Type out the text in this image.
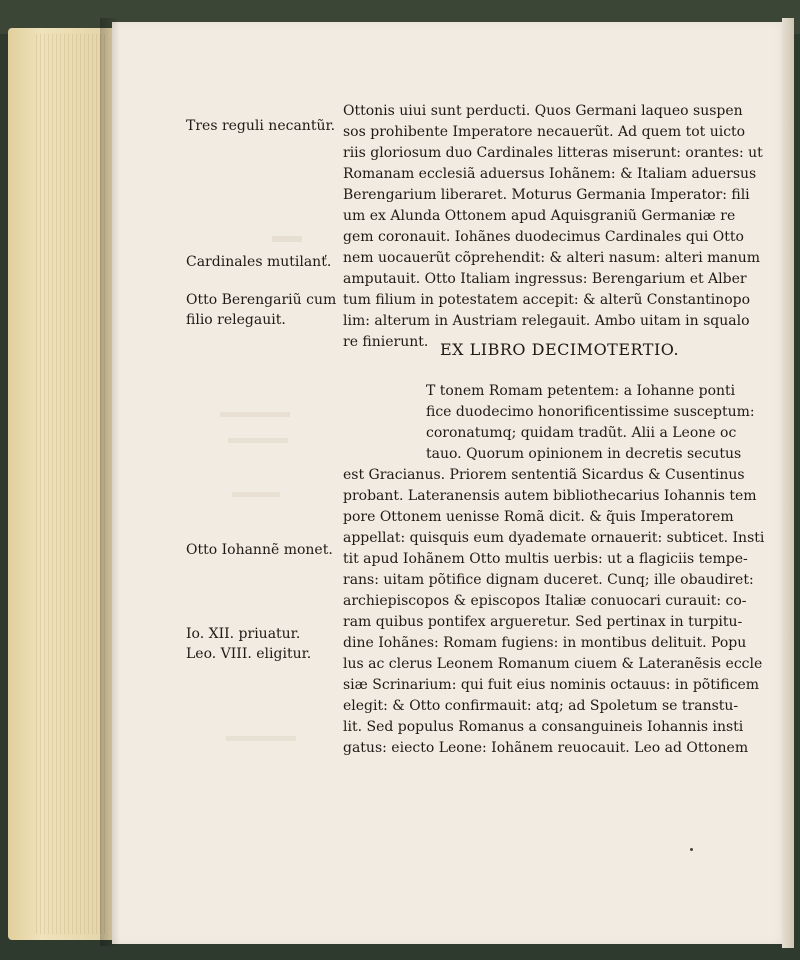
Tres reguli necantũr.
Cardinales mutilanť.
Otto Berengariũ cum
filio relegauit.
Otto Iohannẽ monet.
Io. XII. priuatur.
Leo. VIII. eligitur.
Ottonis uiui sunt perducti. Quos Germani laqueo suspen
sos prohibente Imperatore necauerũt. Ad quem tot uicto
riis gloriosum duo Cardinales litteras miserunt: orantes: ut
Romanam ecclesiã aduersus Iohãnem: & Italiam aduersus
Berengarium liberaret. Moturus Germania Imperator: fili
um ex Alunda Ottonem apud Aquisgraniũ Germaniæ re
gem coronauit. Iohãnes duodecimus Cardinales qui Otto
nem uocauerũt cõprehendit: & alteri nasum: alteri manum
amputauit. Otto Italiam ingressus: Berengarium et Alber
tum filium in potestatem accepit: & alterũ Constantinopo
lim: alterum in Austriam relegauit. Ambo uitam in squalo
re finierunt. EX LIBRO DECIMOTERTIO.
T tonem Romam petentem: a Iohanne ponti
fice duodecimo honorificentissime susceptum:
coronatumq; quidam tradũt. Alii a Leone oc
tauo. Quorum opinionem in decretis secutus
est Gracianus. Priorem sententiã Sicardus & Cusentinus
probant. Lateranensis autem bibliothecarius Iohannis tem
pore Ottonem uenisse Romã dicit. & q̃uis Imperatorem
appellat: quisquis eum dyademate ornauerit: subticet. Insti
tit apud Iohãnem Otto multis uerbis: ut a flagiciis tempe-
rans: uitam põtifice dignam duceret. Cunq; ille obaudiret:
archiepiscopos & episcopos Italiæ conuocari curauit: co-
ram quibus pontifex argueretur. Sed pertinax in turpitu-
dine Iohãnes: Romam fugiens: in montibus delituit. Popu
lus ac clerus Leonem Romanum ciuem & Lateranẽsis eccle
siæ Scrinarium: qui fuit eius nominis octauus: in põtificem
elegit: & Otto confirmauit: atq; ad Spoletum se transtu-
lit. Sed populus Romanus a consanguineis Iohannis insti
gatus: eiecto Leone: Iohãnem reuocauit. Leo ad Ottonem
